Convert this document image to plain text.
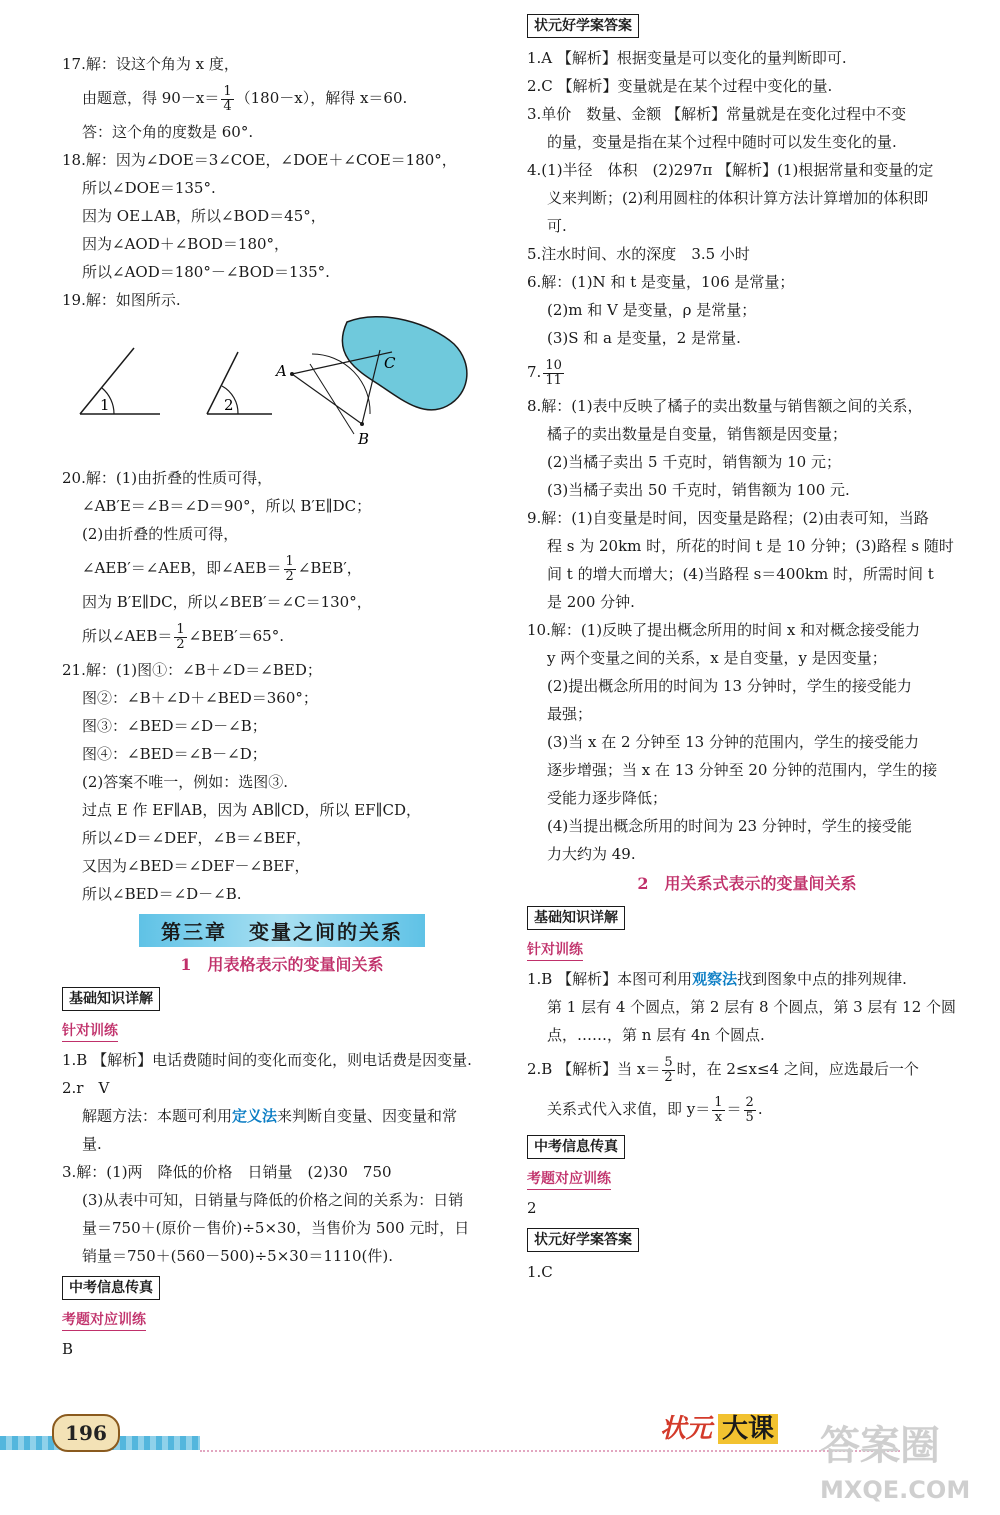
17.解：设这个角为 x 度，
由题意，得 $90-x= \frac{1}{4} (180-x)$，解得 x＝60.
答：这个角的度数是 60°.
18.解：因为∠DOE＝3∠COE，∠DOE＋∠COE＝180°，
所以∠DOE＝135°.
因为 OE⊥AB，所以∠BOD＝45°，
因为∠AOD＋∠BOD＝180°，
所以∠AOD＝180°－∠BOD＝135°.
19.解：如图所示.
1	2
A
B
C
20.解：(1)由折叠的性质可得，
∠AB′E＝∠B＝∠D＝90°，所以 B′E∥DC；
(2)由折叠的性质可得，
∠AEB′＝∠AEB，即∠AEB＝ $\frac{1}{2}$ ∠BEB′，
因为 B′E∥DC，所以∠BEB′＝∠C＝130°，
所以∠AEB＝ $\frac{1}{2}$ ∠BEB′＝65°.
21.解：(1)图①：∠B＋∠D＝∠BED；
图②：∠B＋∠D＋∠BED＝360°；
图③：∠BED＝∠D－∠B；
图④：∠BED＝∠B－∠D；
(2)答案不唯一，例如：选图③.
过点 E 作 EF∥AB，因为 AB∥CD，所以 EF∥CD，
所以∠D＝∠DEF，∠B＝∠BEF，
又因为∠BED＝∠DEF－∠BEF，
所以∠BED＝∠D－∠B.
第三章　变量之间的关系
1　用表格表示的变量间关系
基础知识详解
针对训练
1.B 【解析】电话费随时间的变化而变化，则电话费是因变量.
2.r　V
解题方法：本题可利用定义法来判断自变量、因变量和常
量.
3.解：(1)两　降低的价格　日销量　(2)30　750
(3)从表中可知，日销量与降低的价格之间的关系为：日销
量＝750＋(原价－售价)÷5×30，当售价为 500 元时，日
销量＝750＋(560－500)÷5×30＝1110(件).
中考信息传真
考题对应训练
B
状元好学案答案
1.A 【解析】根据变量是可以变化的量判断即可.
2.C 【解析】变量就是在某个过程中变化的量.
3.单价　数量、金额 【解析】常量就是在变化过程中不变
的量，变量是指在某个过程中随时可以发生变化的量.
4.(1)半径　体积　(2)297π 【解析】(1)根据常量和变量的定
义来判断；(2)利用圆柱的体积计算方法计算增加的体积即
可.
5.注水时间、水的深度　3.5 小时
6.解：(1)N 和 t 是变量，106 是常量；
(2)m 和 V 是变量，ρ 是常量；
(3)S 和 a 是变量，2 是常量.
7. $\frac{10}{11}$
8.解：(1)表中反映了橘子的卖出数量与销售额之间的关系，
橘子的卖出数量是自变量，销售额是因变量；
(2)当橘子卖出 5 千克时，销售额为 10 元；
(3)当橘子卖出 50 千克时，销售额为 100 元.
9.解：(1)自变量是时间，因变量是路程；(2)由表可知，当路
程 s 为 20km 时，所花的时间 t 是 10 分钟；(3)路程 s 随时
间 t 的增大而增大；(4)当路程 s＝400km 时，所需时间 t
是 200 分钟.
10.解：(1)反映了提出概念所用的时间 x 和对概念接受能力
y 两个变量之间的关系，x 是自变量，y 是因变量；
(2)提出概念所用的时间为 13 分钟时，学生的接受能力
最强；
(3)当 x 在 2 分钟至 13 分钟的范围内，学生的接受能力
逐步增强；当 x 在 13 分钟至 20 分钟的范围内，学生的接
受能力逐步降低；
(4)当提出概念所用的时间为 23 分钟时，学生的接受能
力大约为 49.
2　用关系式表示的变量间关系
基础知识详解
针对训练
1.B 【解析】本图可利用观察法找到图象中点的排列规律.
第 1 层有 4 个圆点，第 2 层有 8 个圆点，第 3 层有 12 个圆
点，……，第 n 层有 4n 个圆点.
2.B 【解析】当 $x= \frac{5}{2}$ 时，在 2≤x≤4 之间，应选最后一个
关系式代入求值，即 $y= \frac{1}{x} = \frac{2}{5}$ .
中考信息传真
考题对应训练
2
状元好学案答案
1.C
196	状元 大课 答案圈
MXQE.COM
